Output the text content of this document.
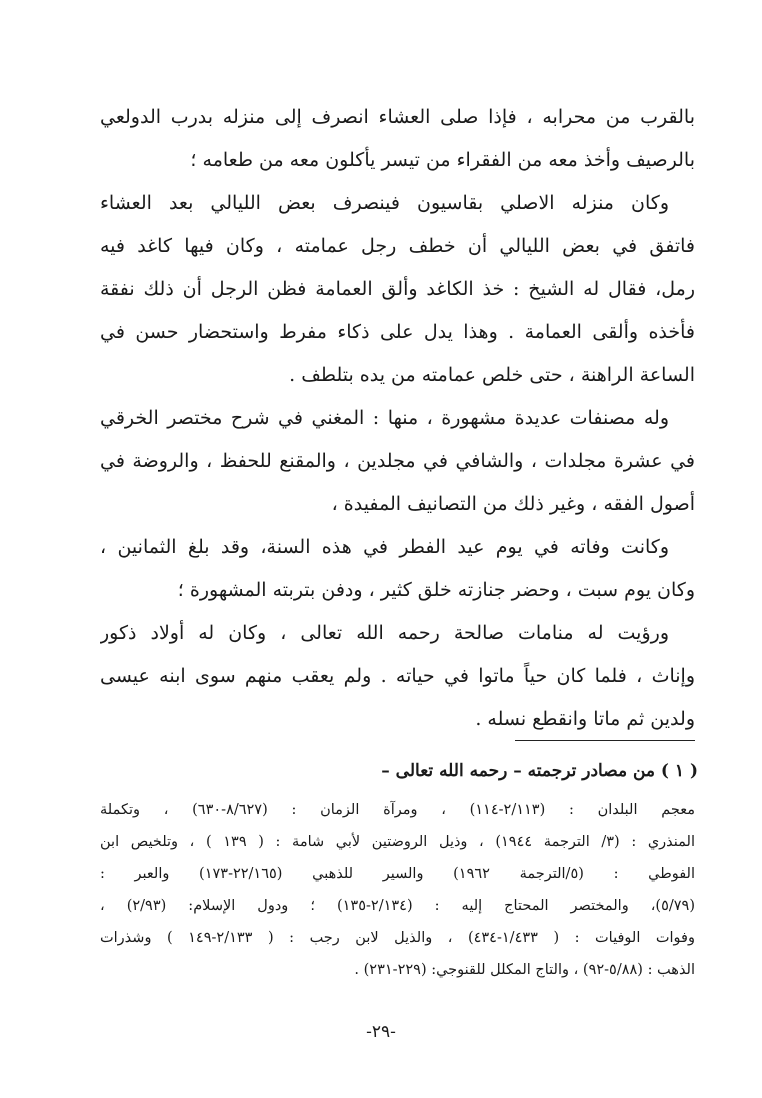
بالقرب من محرابه ، فإذا صلى العشاء انصرف إلى منزله بدرب الدولعي
بالرصيف وأخذ معه من الفقراء من تيسر يأكلون معه من طعامه ؛
وكان منزله الاصلي بقاسيون فينصرف بعض الليالي بعد العشاء
فاتفق في بعض الليالي أن خطف رجل عمامته ، وكان فيها كاغد فيه
رمل، فقال له الشيخ : خذ الكاغد وألق العمامة فظن الرجل أن ذلك نفقة
فأخذه وألقى العمامة . وهذا يدل على ذكاء مفرط واستحضار حسن في
الساعة الراهنة ، حتى خلص عمامته من يده بتلطف .
وله مصنفات عديدة مشهورة ، منها : المغني في شرح مختصر الخرقي
في عشرة مجلدات ، والشافي في مجلدين ، والمقنع للحفظ ، والروضة في
أصول الفقه ، وغير ذلك من التصانيف المفيدة ،
وكانت وفاته في يوم عيد الفطر في هذه السنة، وقد بلغ الثمانين ،
وكان يوم سبت ، وحضر جنازته خلق كثير ، ودفن بتربته المشهورة ؛
ورؤيت له منامات صالحة رحمه الله تعالى ، وكان له أولاد ذكور
وإناث ، فلما كان حياً ماتوا في حياته . ولم يعقب منهم سوى ابنه عيسى
ولدين ثم ماتا وانقطع نسله .
( ١ ) من مصادر ترجمته – رحمه الله تعالى –
معجم البلدان : (٢/١١٣-١١٤) ، ومرآة الزمان : (٨/٦٢٧-٦٣٠) ، وتكملة
المنذري : (٣/ الترجمة ١٩٤٤) ، وذيل الروضتين لأبي شامة : ( ١٣٩ ) ، وتلخيص ابن
الفوطي : (٥/الترجمة ١٩٦٢) والسير للذهبي (٢٢/١٦٥-١٧٣) والعبر :
(٥/٧٩)، والمختصر المحتاج إليه : (٢/١٣٤-١٣٥) ؛ ودول الإسلام: (٢/٩٣) ،
وفوات الوفيات : ( ١/٤٣٣-٤٣٤) ، والذيل لابن رجب : ( ٢/١٣٣-١٤٩ ) وشذرات
الذهب : (٥/٨٨-٩٢) ، والتاج المكلل للقنوجي: (٢٢٩-٢٣١) .
-٢٩-
